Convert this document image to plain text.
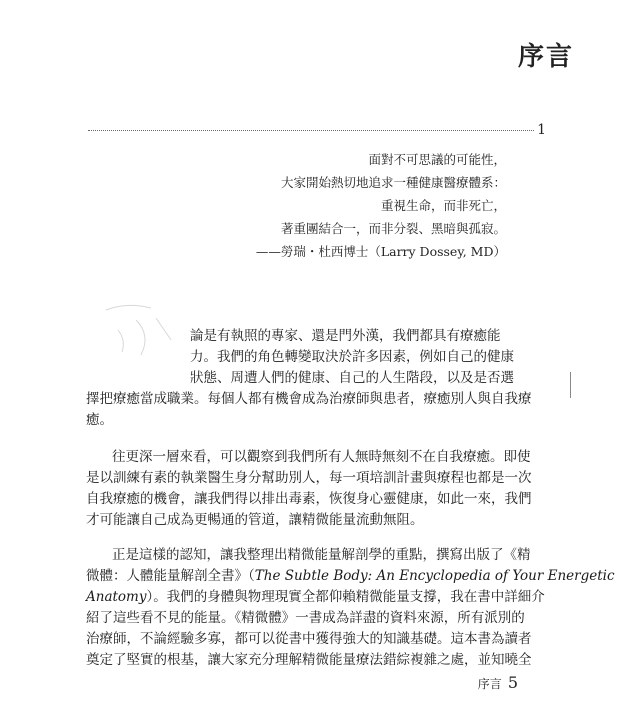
序言
1
面對不可思議的可能性，
大家開始熱切地追求一種健康醫療體系：
重視生命，而非死亡，
著重團結合一，而非分裂、黑暗與孤寂。
——勞瑞・杜西博士（Larry Dossey, MD）
論是有執照的專家、還是門外漢，我們都具有療癒能
力。我們的角色轉變取決於許多因素，例如自己的健康
狀態、周遭人們的健康、自己的人生階段，以及是否選
擇把療癒當成職業。每個人都有機會成為治療師與患者，療癒別人與自我療
癒。
往更深一層來看，可以觀察到我們所有人無時無刻不在自我療癒。即使
是以訓練有素的執業醫生身分幫助別人，每一項培訓計畫與療程也都是一次
自我療癒的機會，讓我們得以排出毒素，恢復身心靈健康，如此一來，我們
才可能讓自己成為更暢通的管道，讓精微能量流動無阻。
正是這樣的認知，讓我整理出精微能量解剖學的重點，撰寫出版了《精
微體：人體能量解剖全書》（The Subtle Body: An Encyclopedia of Your Energetic
Anatomy）。我們的身體與物理現實全都仰賴精微能量支撐，我在書中詳細介
紹了這些看不見的能量。《精微體》一書成為詳盡的資料來源，所有派別的
治療師，不論經驗多寡，都可以從書中獲得強大的知識基礎。這本書為讀者
奠定了堅實的根基，讓大家充分理解精微能量療法錯綜複雜之處，並知曉全
序言 5
